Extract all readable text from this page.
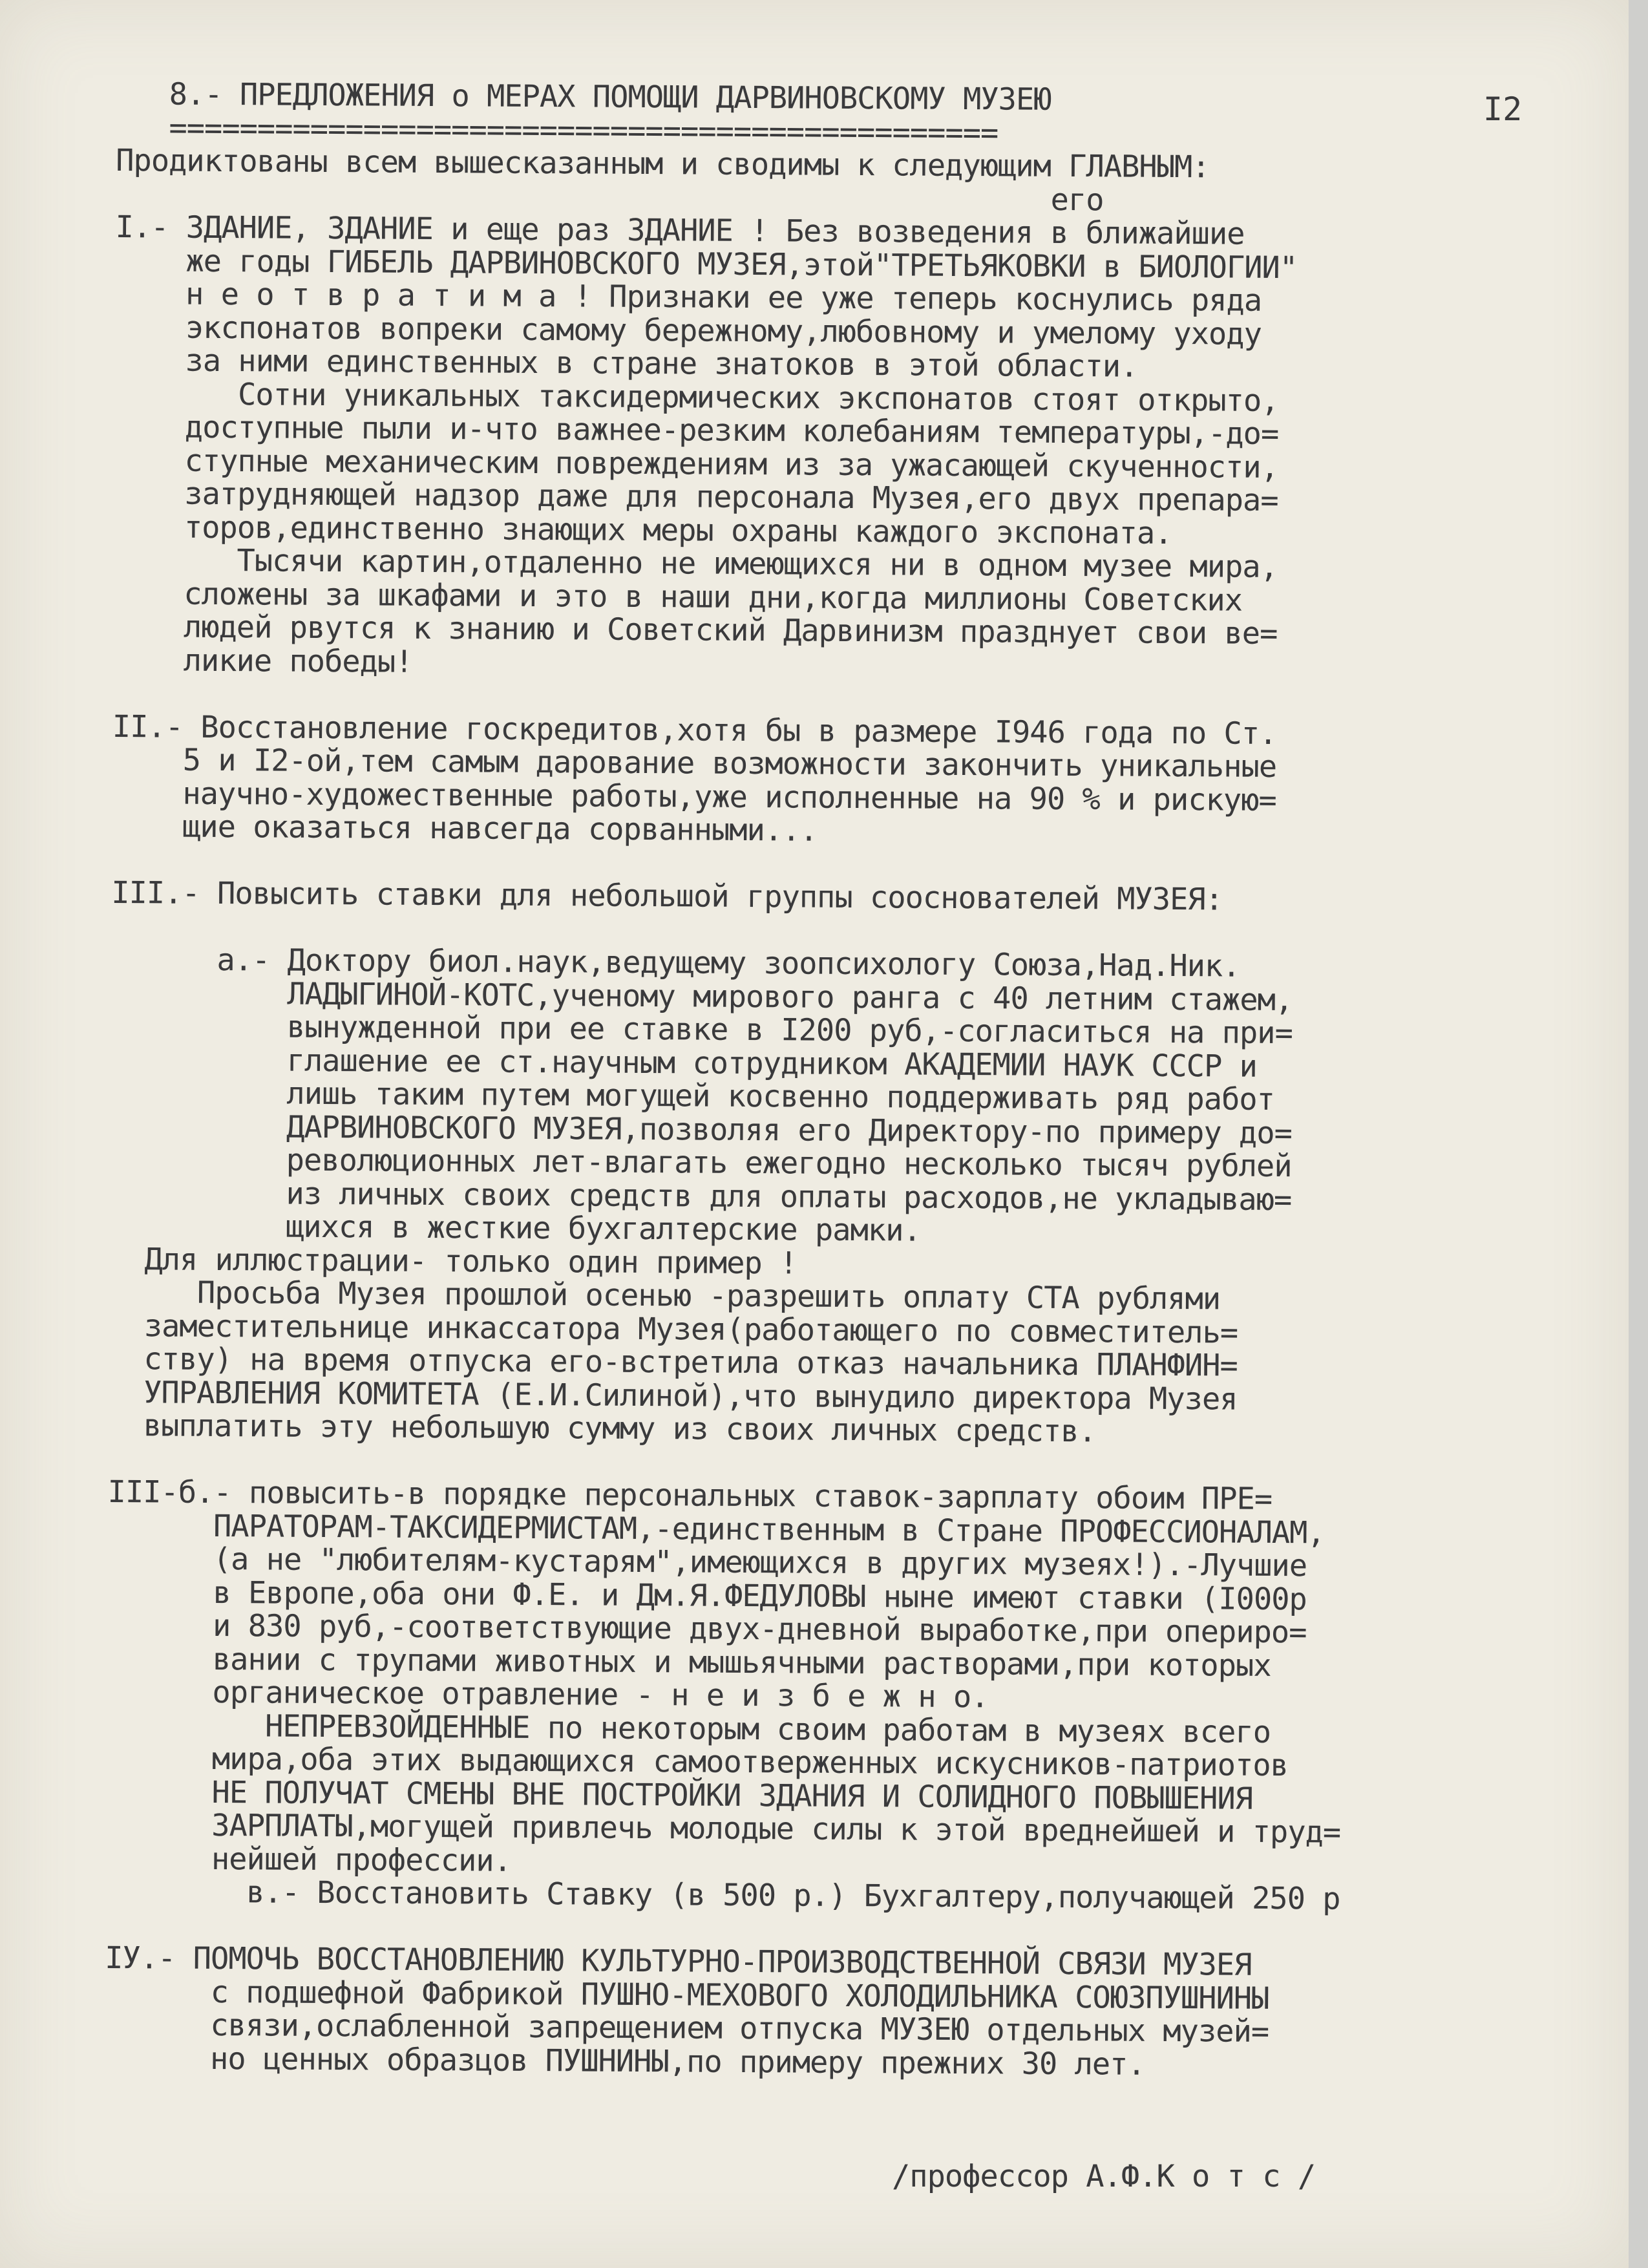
I2
8.- ПРЕДЛОЖЕНИЯ о МЕРАХ ПОМОЩИ ДАРВИНОВСКОМУ МУЗЕЮ
===============================================
Продиктованы всем вышесказанным и сводимы к следующим ГЛАВНЫМ:
его
I.- ЗДАНИЕ, ЗДАНИЕ и еще раз ЗДАНИЕ ! Без возведения в ближайшие
же годы ГИБЕЛЬ ДАРВИНОВСКОГО МУЗЕЯ,этой"ТРЕТЬЯКОВКИ в БИОЛОГИИ"
н е о т в р а т и м а ! Признаки ее уже теперь коснулись ряда
экспонатов вопреки самому бережному,любовному и умелому уходу
за ними единственных в стране знатоков в этой области.
Сотни уникальных таксидермических экспонатов стоят открыто,
доступные пыли и-что важнее-резким колебаниям температуры,-до=
ступные механическим повреждениям из за ужасающей скученности,
затрудняющей надзор даже для персонала Музея,его двух препара=
торов,единственно знающих меры охраны каждого экспоната.
Тысячи картин,отдаленно не имеющихся ни в одном музее мира,
сложены за шкафами и это в наши дни,когда миллионы Советских
людей рвутся к знанию и Советский Дарвинизм празднует свои ве=
ликие победы!
II.- Восстановление госкредитов,хотя бы в размере I946 года по Ст.
5 и I2-ой,тем самым дарование возможности закончить уникальные
научно-художественные работы,уже исполненные на 90 % и рискую=
щие оказаться навсегда сорванными...
III.- Повысить ставки для небольшой группы сооснователей МУЗЕЯ:
а.- Доктору биол.наук,ведущему зоопсихологу Союза,Над.Ник.
ЛАДЫГИНОЙ-КОТС,ученому мирового ранга с 40 летним стажем,
вынужденной при ее ставке в I200 руб,-согласиться на при=
глашение ее ст.научным сотрудником АКАДЕМИИ НАУК СССР и
лишь таким путем могущей косвенно поддерживать ряд работ
ДАРВИНОВСКОГО МУЗЕЯ,позволяя его Директору-по примеру до=
революционных лет-влагать ежегодно несколько тысяч рублей
из личных своих средств для оплаты расходов,не укладываю=
щихся в жесткие бухгалтерские рамки.
Для иллюстрации- только один пример !
Просьба Музея прошлой осенью -разрешить оплату СТА рублями
заместительнице инкассатора Музея(работающего по совместитель=
ству) на время отпуска его-встретила отказ начальника ПЛАНФИН=
УПРАВЛЕНИЯ КОМИТЕТА (Е.И.Силиной),что вынудило директора Музея
выплатить эту небольшую сумму из своих личных средств.
ІІІ-б.- повысить-в порядке персональных ставок-зарплату обоим ПРЕ=
ПАРАТОРАМ-ТАКСИДЕРМИСТАМ,-единственным в Стране ПРОФЕССИОНАЛАМ,
(а не "любителям-кустарям",имеющихся в других музеях!).-Лучшие
в Европе,оба они Ф.Е. и Дм.Я.ФЕДУЛОВЫ ныне имеют ставки (I000р
и 830 руб,-соответствующие двух-дневной выработке,при опериро=
вании с трупами животных и мышьячными растворами,при которых
органическое отравление - н е и з б е ж н о.
НЕПРЕВЗОЙДЕННЫЕ по некоторым своим работам в музеях всего
мира,оба этих выдающихся самоотверженных искусников-патриотов
НЕ ПОЛУЧАТ СМЕНЫ ВНЕ ПОСТРОЙКИ ЗДАНИЯ И СОЛИДНОГО ПОВЫШЕНИЯ
ЗАРПЛАТЫ,могущей привлечь молодые силы к этой вреднейшей и труд=
нейшей профессии.
в.- Восстановить Ставку (в 500 р.) Бухгалтеру,получающей 250 р
IУ.- ПОМОЧЬ ВОССТАНОВЛЕНИЮ КУЛЬТУРНО-ПРОИЗВОДСТВЕННОЙ СВЯЗИ МУЗЕЯ
с подшефной Фабрикой ПУШНО-МЕХОВОГО ХОЛОДИЛЬНИКА СОЮЗПУШНИНЫ
связи,ослабленной запрещением отпуска МУЗЕЮ отдельных музей=
но ценных образцов ПУШНИНЫ,по примеру прежних 30 лет.
/профессор А.Ф.К о т с /
